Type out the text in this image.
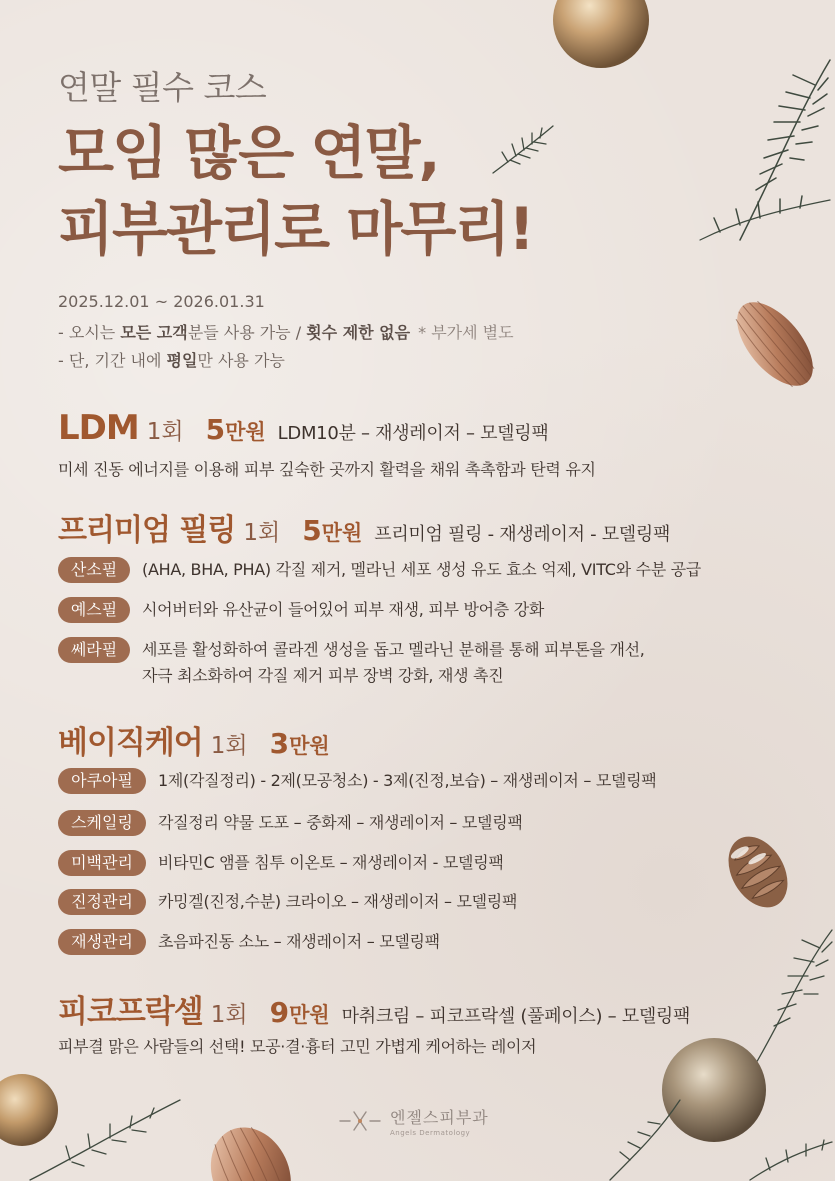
연말 필수 코스
모임 많은 연말,
피부관리로 마무리!
2025.12.01 ~ 2026.01.31
- 오시는 모든 고객분들 사용 가능 / 횟수 제한 없음 * 부가세 별도
- 단, 기간 내에 평일만 사용 가능
LDM 1회 5만원 LDM10분 – 재생레이저 – 모델링팩
미세 진동 에너지를 이용해 피부 깊숙한 곳까지 활력을 채워 촉촉함과 탄력 유지
프리미엄 필링 1회 5만원 프리미엄 필링 - 재생레이저 - 모델링팩
산소필	(AHA, BHA, PHA) 각질 제거, 멜라닌 세포 생성 유도 효소 억제, VITC와 수분 공급
예스필	시어버터와 유산균이 들어있어 피부 재생, 피부 방어층 강화
쎄라필	세포를 활성화하여 콜라겐 생성을 돕고 멜라닌 분해를 통해 피부톤을 개선,
자극 최소화하여 각질 제거 피부 장벽 강화, 재생 촉진
베이직케어 1회 3만원
아쿠아필	1제(각질정리) - 2제(모공청소) - 3제(진정,보습) – 재생레이저 – 모델링팩
스케일링	각질정리 약물 도포 – 중화제 – 재생레이저 – 모델링팩
미백관리	비타민C 앰플 침투 이온토 – 재생레이저 - 모델링팩
진정관리	카밍겔(진정,수분) 크라이오 – 재생레이저 – 모델링팩
재생관리	초음파진동 소노 – 재생레이저 – 모델링팩
피코프락셀 1회 9만원 마취크림 – 피코프락셀 (풀페이스) – 모델링팩
피부결 맑은 사람들의 선택! 모공·결·흉터 고민 가볍게 케어하는 레이저
엔젤스피부과
Angels Dermatology
